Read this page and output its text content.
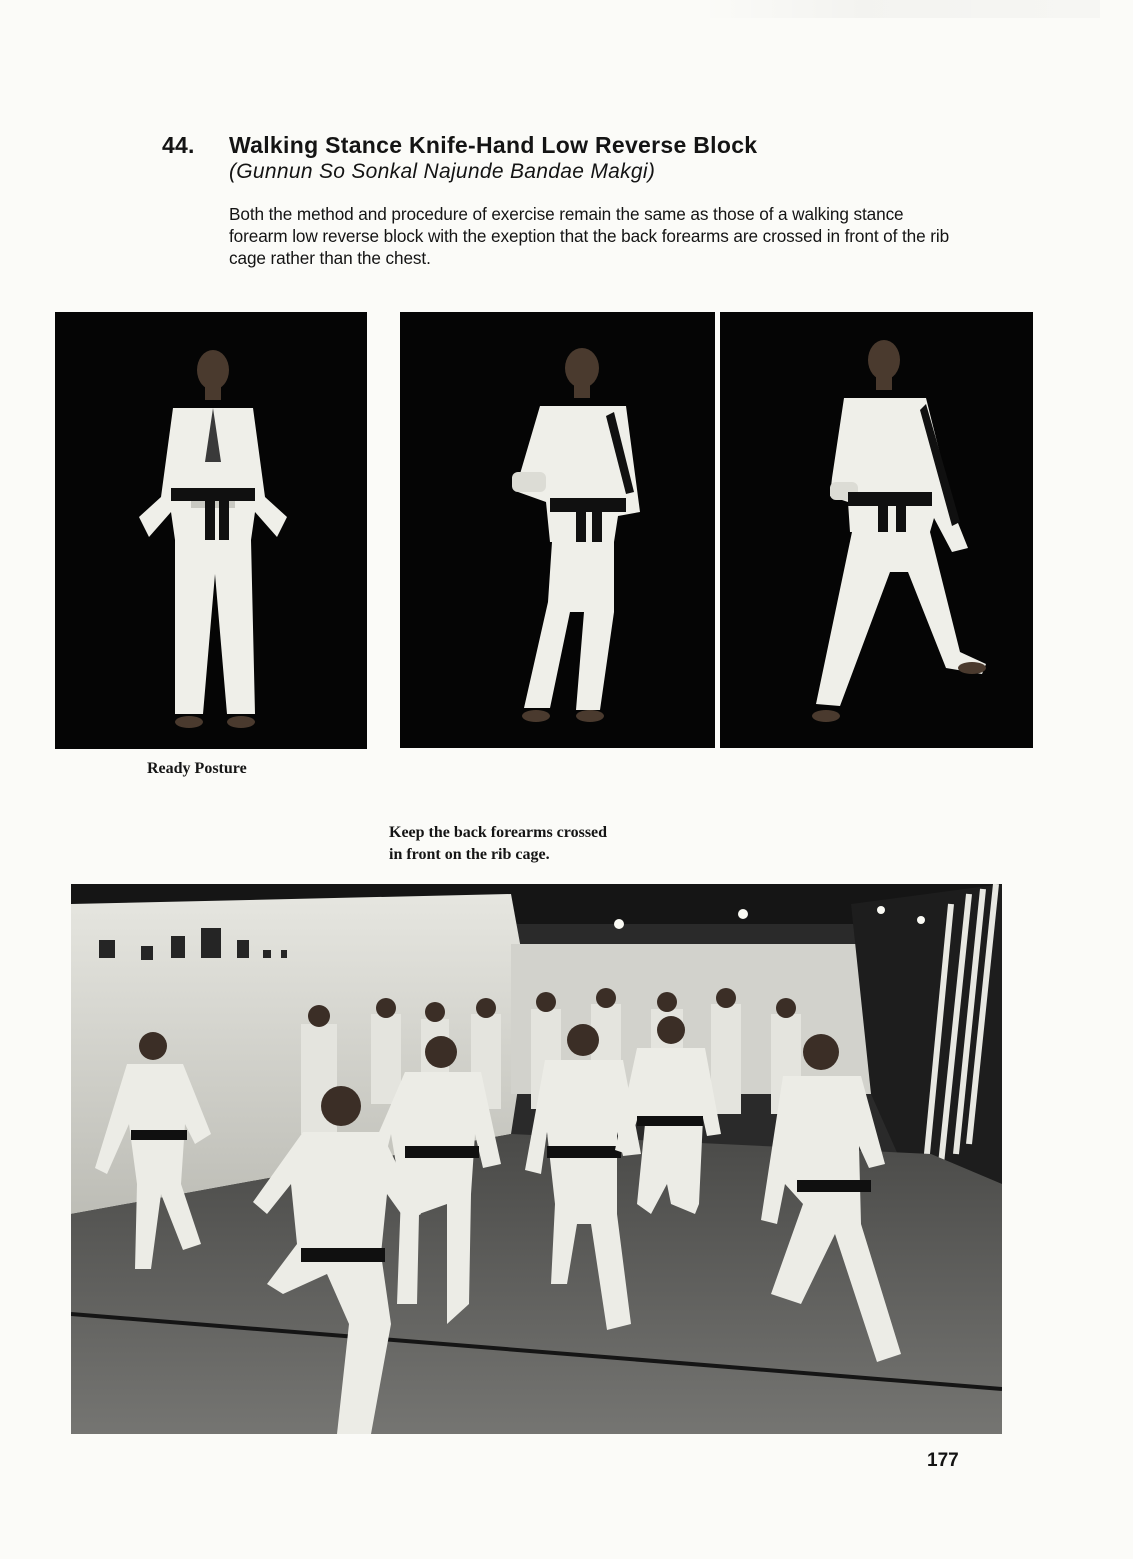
44. Walking Stance Knife-Hand Low Reverse Block
(Gunnun So Sonkal Najunde Bandae Makgi)
Both the method and procedure of exercise remain the same as those of a walking stance forearm low reverse block with the exeption that the back forearms are crossed in front of the rib cage rather than the chest.
Ready Posture
Keep the back forearms crossed
in front on the rib cage.
177
